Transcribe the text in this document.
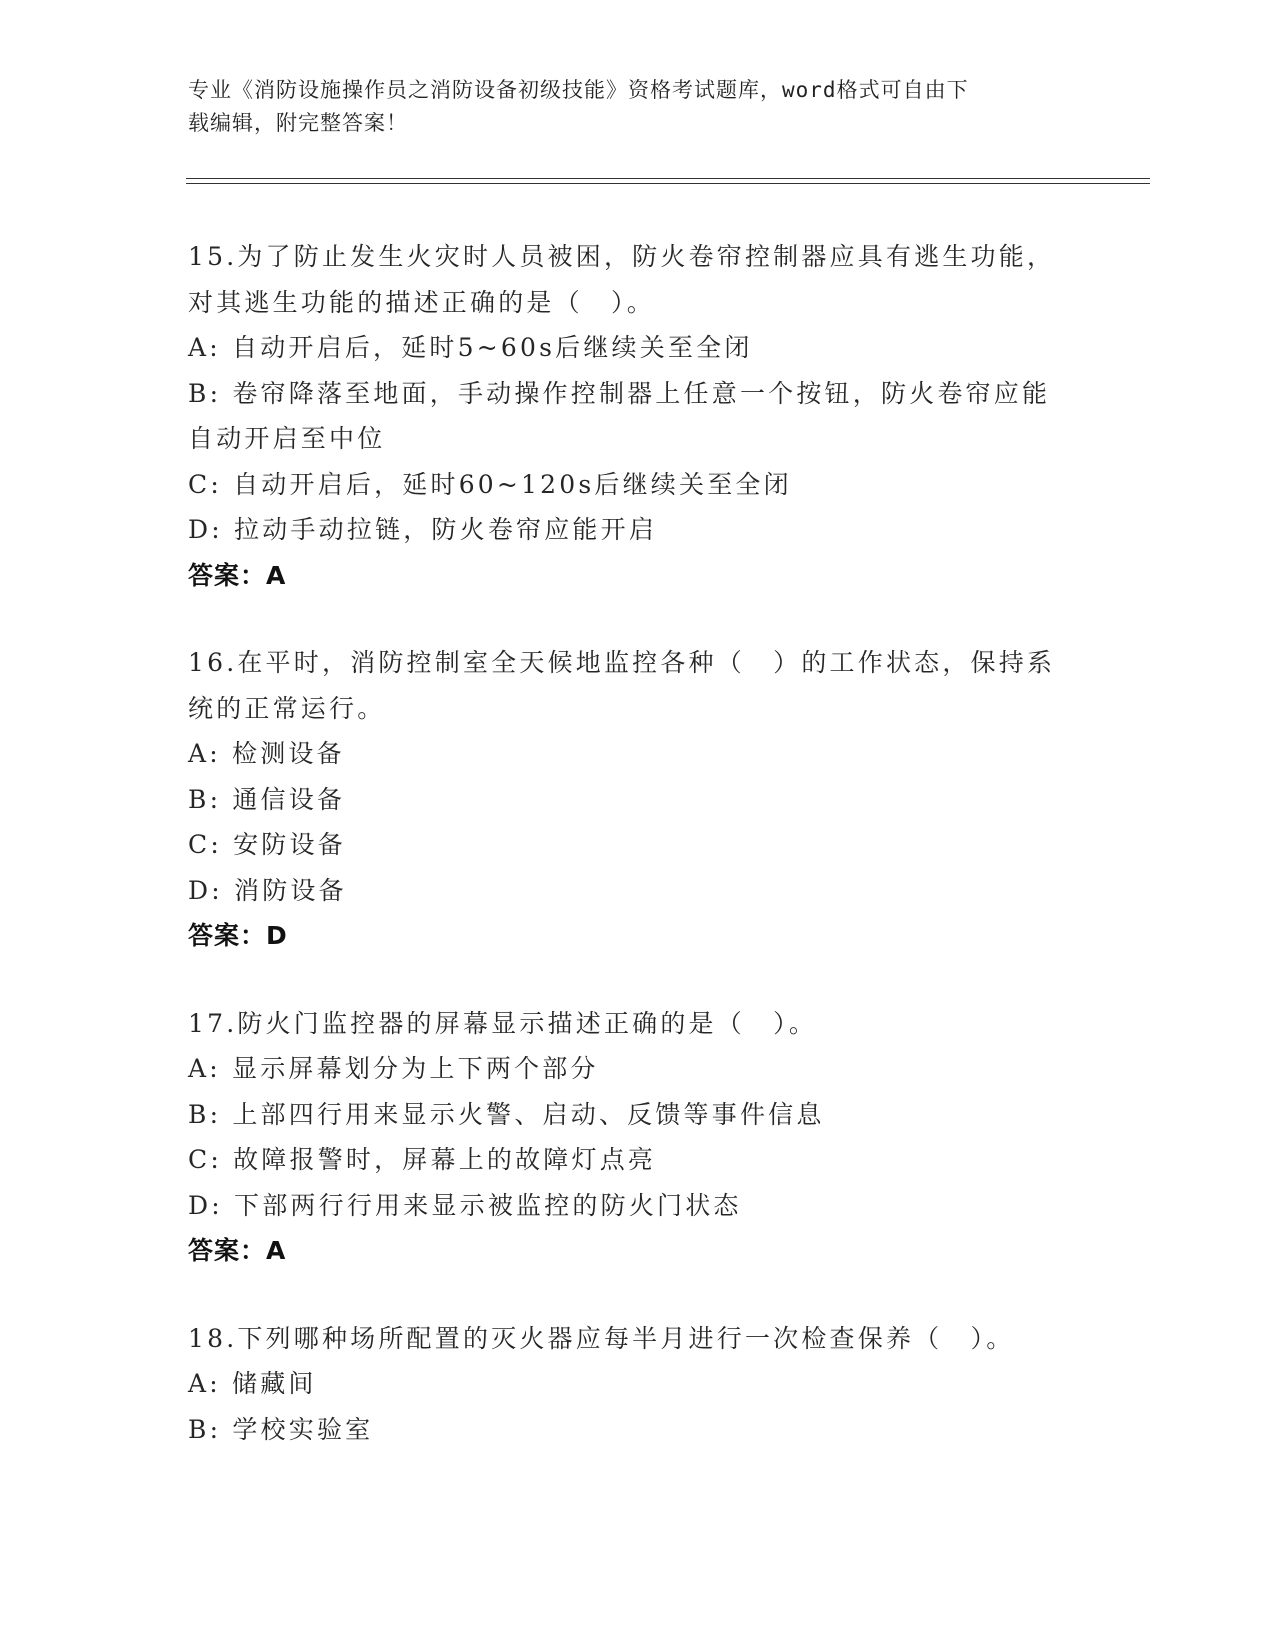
专业《消防设施操作员之消防设备初级技能》资格考试题库，word格式可自由下
载编辑，附完整答案！
15.为了防止发生火灾时人员被困，防火卷帘控制器应具有逃生功能，
对其逃生功能的描述正确的是（　）。
A: 自动开启后，延时5~60s后继续关至全闭
B: 卷帘降落至地面，手动操作控制器上任意一个按钮，防火卷帘应能
自动开启至中位
C: 自动开启后，延时60~120s后继续关至全闭
D: 拉动手动拉链，防火卷帘应能开启
答案：A
16.在平时，消防控制室全天候地监控各种（　）的工作状态，保持系
统的正常运行。
A: 检测设备
B: 通信设备
C: 安防设备
D: 消防设备
答案：D
17.防火门监控器的屏幕显示描述正确的是（　）。
A: 显示屏幕划分为上下两个部分
B: 上部四行用来显示火警、启动、反馈等事件信息
C: 故障报警时，屏幕上的故障灯点亮
D: 下部两行行用来显示被监控的防火门状态
答案：A
18.下列哪种场所配置的灭火器应每半月进行一次检查保养（　）。
A: 储藏间
B: 学校实验室
